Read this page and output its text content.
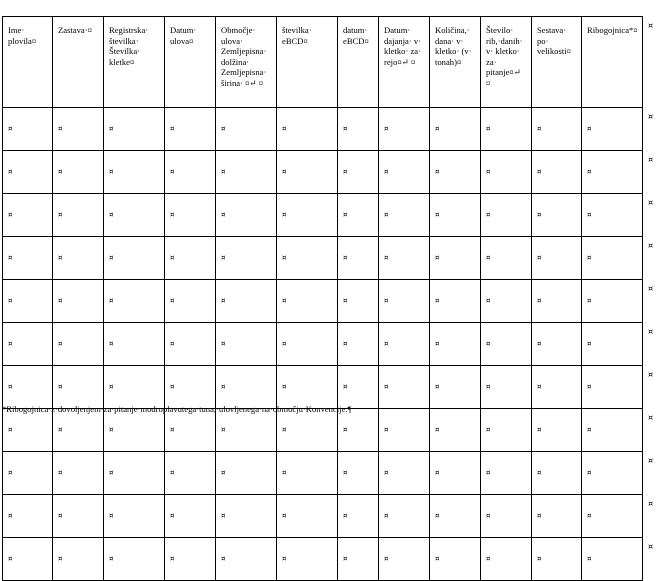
Ime· plovila¤	Zastava·¤	Registrska· številka· Številka· kletke¤	Datum· ulova¤	Območje· ulova· Zemljepisna· dolžina· Zemljepisna· širina· ¤↵ ¤	številka· eBCD¤	datum· eBCD¤	Datum· dajanja· v· kletko· za· rejo¤↵ ¤	Količina,· dana· v· kletko· (v· tonah)¤	Število· rib,·danih· v· kletko· za· pitanje¤↵ ¤	Sestava· po· velikosti¤	Ribogojnica*¤
¤	¤	¤	¤	¤	¤	¤	¤	¤	¤	¤	¤
¤	¤	¤	¤	¤	¤	¤	¤	¤	¤	¤	¤
¤	¤	¤	¤	¤	¤	¤	¤	¤	¤	¤	¤
¤	¤	¤	¤	¤	¤	¤	¤	¤	¤	¤	¤
¤	¤	¤	¤	¤	¤	¤	¤	¤	¤	¤	¤
¤	¤	¤	¤	¤	¤	¤	¤	¤	¤	¤	¤
¤	¤	¤	¤	¤	¤	¤	¤	¤	¤	¤	¤
¤	¤	¤	¤	¤	¤	¤	¤	¤	¤	¤	¤
¤	¤	¤	¤	¤	¤	¤	¤	¤	¤	¤	¤
¤	¤	¤	¤	¤	¤	¤	¤	¤	¤	¤	¤
¤	¤	¤	¤	¤	¤	¤	¤	¤	¤	¤	¤
¤
¤
¤
¤
¤
¤
¤
¤
¤
¤
¤
¤
*Ribogojnica·z·dovoljenjem·za·pitanje·modroplavutega·tuna,·ulovljenega·na·območju·Konvencije.¶
